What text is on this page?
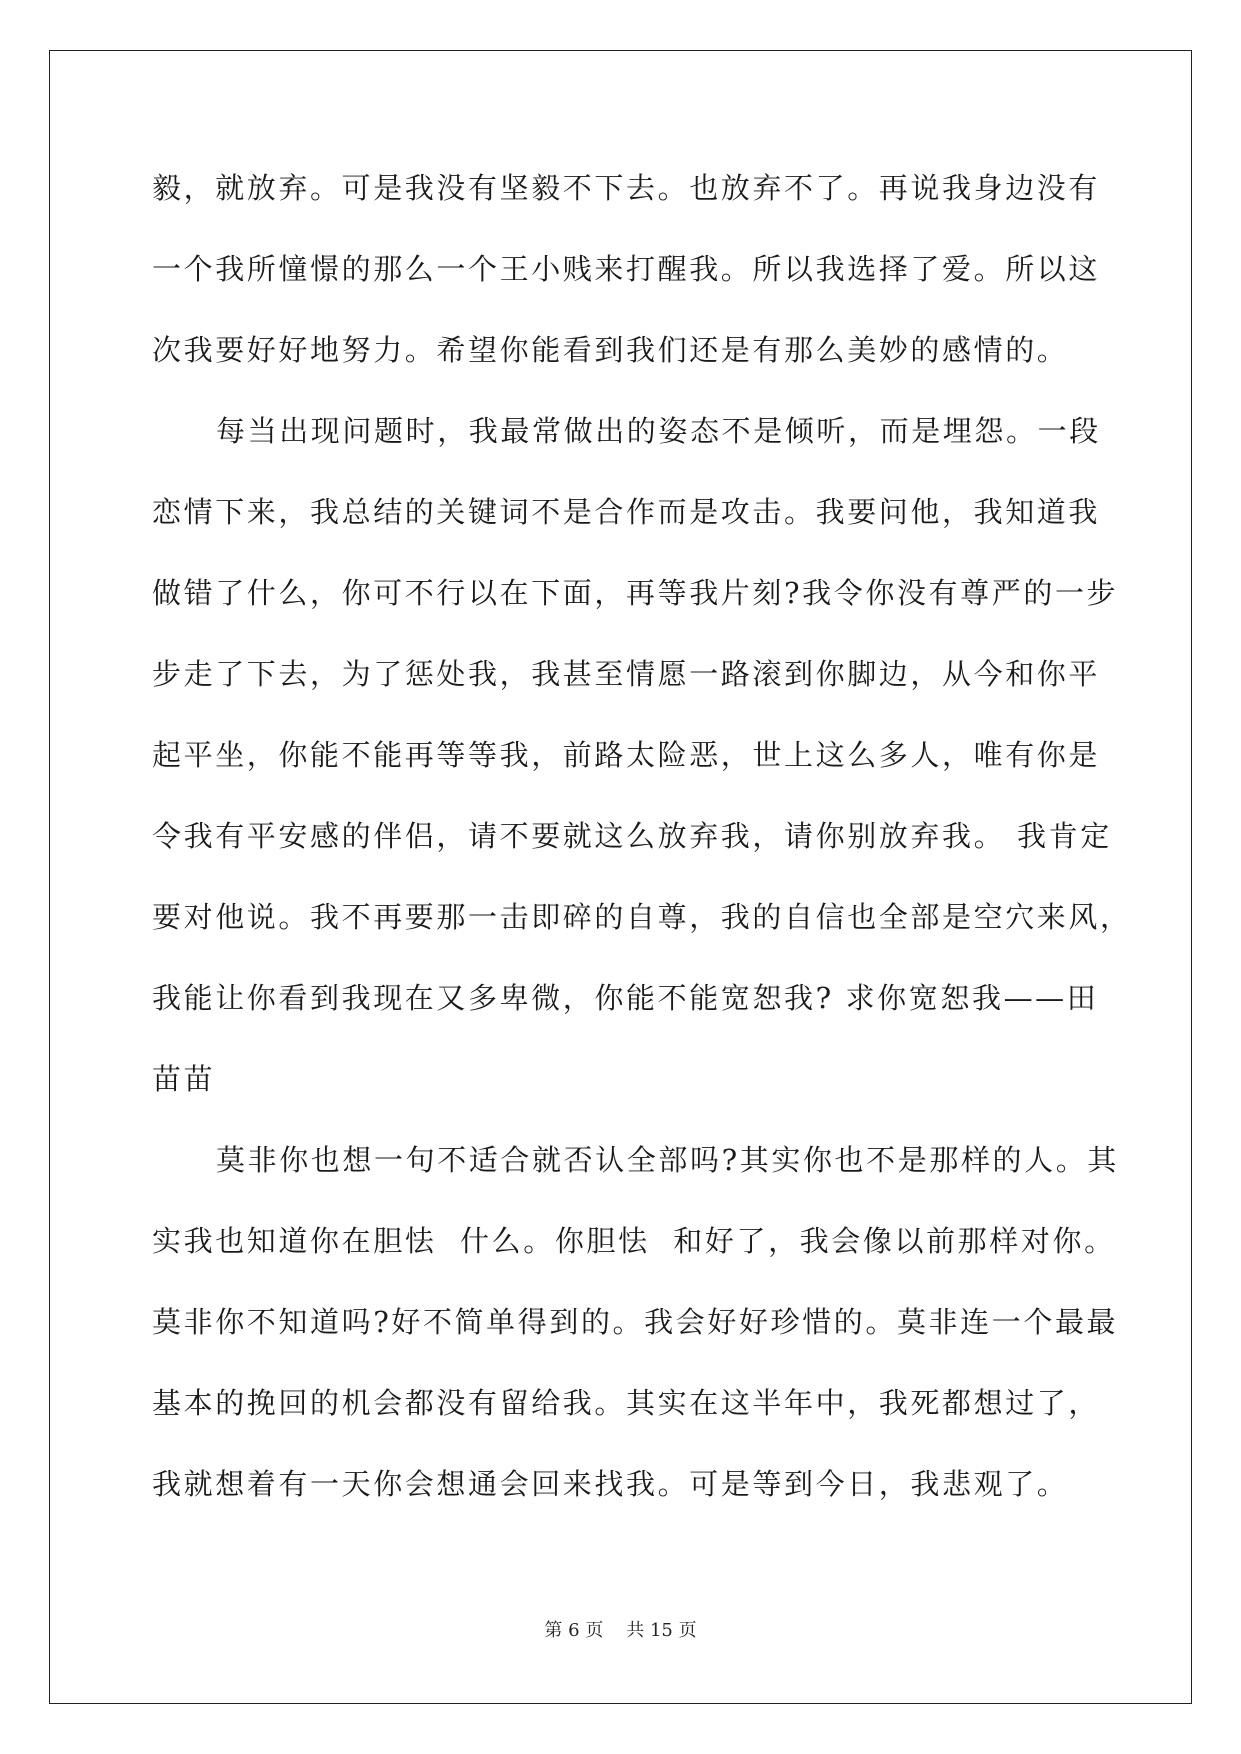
毅，就放弃。可是我没有坚毅不下去。也放弃不了。再说我身边没有
一个我所憧憬的那么一个王小贱来打醒我。所以我选择了爱。所以这
次我要好好地努力。希望你能看到我们还是有那么美妙的感情的。
每当出现问题时，我最常做出的姿态不是倾听，而是埋怨。一段
恋情下来，我总结的关键词不是合作而是攻击。我要问他，我知道我
做错了什么，你可不行以在下面，再等我片刻?我令你没有尊严的一步
步走了下去，为了惩处我，我甚至情愿一路滚到你脚边，从今和你平
起平坐，你能不能再等等我，前路太险恶，世上这么多人，唯有你是
令我有平安感的伴侣，请不要就这么放弃我，请你别放弃我。 我肯定
要对他说。我不再要那一击即碎的自尊，我的自信也全部是空穴来风，
我能让你看到我现在又多卑微，你能不能宽恕我? 求你宽恕我——田
苗苗
莫非你也想一句不适合就否认全部吗?其实你也不是那样的人。其
实我也知道你在胆怯  什么。你胆怯  和好了，我会像以前那样对你。
莫非你不知道吗?好不简单得到的。我会好好珍惜的。莫非连一个最最
基本的挽回的机会都没有留给我。其实在这半年中，我死都想过了，
我就想着有一天你会想通会回来找我。可是等到今日，我悲观了。
第 6 页 共 15 页
